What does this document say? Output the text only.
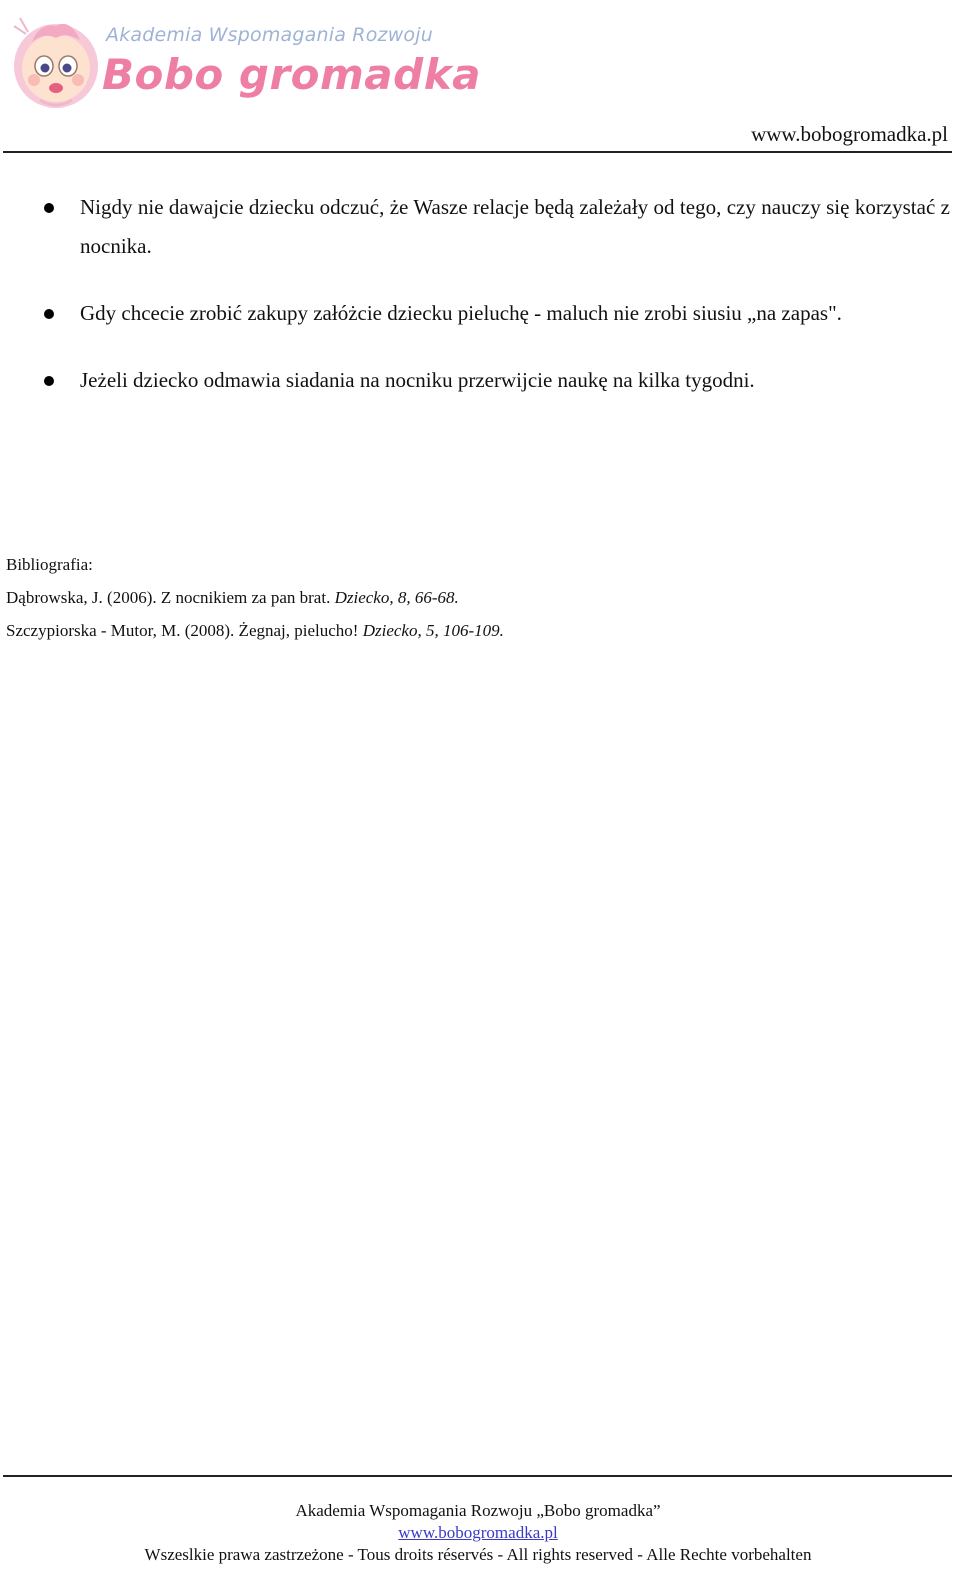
Akademia Wspomagania Rozwoju
Bobo gromadka
www.bobogromadka.pl
Nigdy nie dawajcie dziecku odczuć, że Wasze relacje będą zależały od tego, czy nauczy się korzystać z nocnika.
Gdy chcecie zrobić zakupy załóżcie dziecku pieluchę - maluch nie zrobi siusiu „nа zapas".
Jeżeli dziecko odmawia siadania na nocniku przerwijcie naukę na kilka tygodni.
Bibliografia:
Dąbrowska, J. (2006). Z nocnikiem za pan brat. Dziecko, 8, 66-68.
Szczypiorska - Mutor, M. (2008). Żegnaj, pielucho! Dziecko, 5, 106-109.
Akademia Wspomagania Rozwoju „Bobo gromadka”
www.bobogromadka.pl
Wszeslkie prawa zastrzeżone - Tous droits réservés - All rights reserved - Alle Rechte vorbehalten
